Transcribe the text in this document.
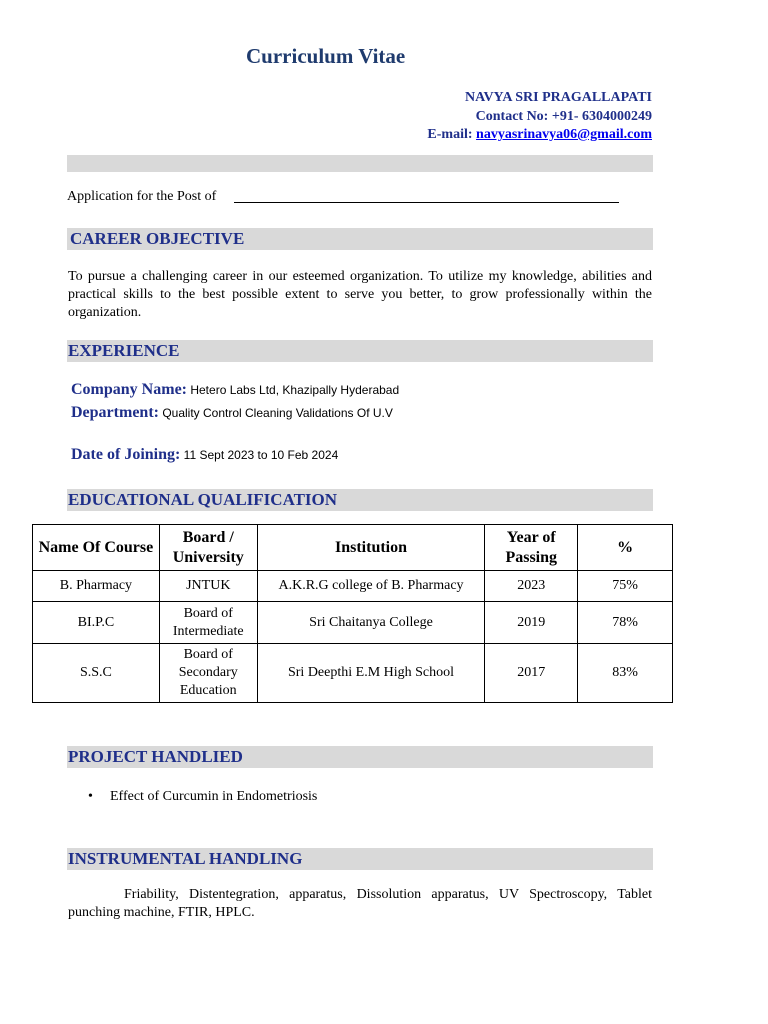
Curriculum Vitae
NAVYA SRI PRAGALLAPATI
Contact No: +91- 6304000249
E-mail: navyasrinavya06@gmail.com
Application for the Post of
CAREER OBJECTIVE
To pursue a challenging career in our esteemed organization. To utilize my knowledge, abilities and practical skills to the best possible extent to serve you better, to grow professionally within the organization.
EXPERIENCE
Company Name: Hetero Labs Ltd, Khazipally Hyderabad
Department: Quality Control Cleaning Validations Of U.V
Date of Joining: 11 Sept 2023 to 10 Feb 2024
EDUCATIONAL QUALIFICATION
Name Of Course	Board / University	Institution	Year of Passing	%
B. Pharmacy	JNTUK	A.K.R.G college of B. Pharmacy	2023	75%
BI.P.C	Board of Intermediate	Sri Chaitanya College	2019	78%
S.S.C	Board of Secondary Education	Sri Deepthi E.M High School	2017	83%
PROJECT HANDLIED
• Effect of Curcumin in Endometriosis
INSTRUMENTAL HANDLING
Friability, Distentegration, apparatus, Dissolution apparatus, UV Spectroscopy, Tablet punching machine, FTIR, HPLC.
